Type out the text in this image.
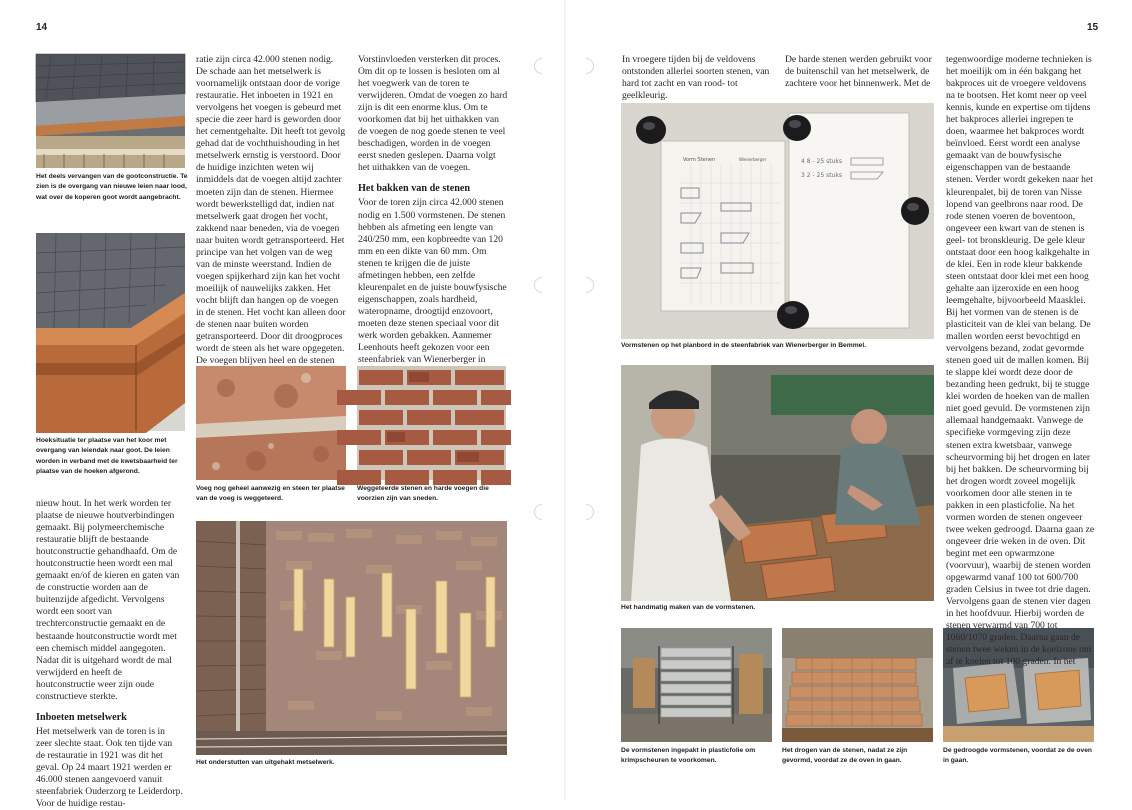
14	15
Het deels vervangen van de gootconstructie. Te zien is de overgang van nieuwe leien naar lood, wat over de koperen goot wordt aangebracht.
Hoeksituatie ter plaatse van het koor met overgang van leiendak naar goot. De leien worden in verband met de kwetsbaarheid ter plaatse van de hoeken afgerond.

nieuw hout. In het werk worden ter plaatse de nieuwe houtverbindingen gemaakt. Bij polymeerchemische restauratie blijft de bestaande houtconstructie gehandhaafd. Om de houtconstructie heen wordt een mal gemaakt en/of de kieren en gaten van de constructie worden aan de buitenzijde afgedicht. Vervolgens wordt een soort van trechterconstructie gemaakt en de bestaande houtconstructie wordt met een chemisch middel aangegoten. Nadat dit is uitgehard wordt de mal verwijderd en heeft de houtconstructie weer zijn oude constructieve sterkte.

Inboeten metselwerk

Het metselwerk van de toren is in zeer slechte staat. Ook ten tijde van de restauratie in 1921 was dit het geval. Op 24 maart 1921 werden er 46.000 stenen aangevoerd vanuit steenfabriek Ouderzorg te Leiderdorp. Voor de huidige restau-

ratie zijn circa 42.000 stenen nodig. De schade aan het metselwerk is voornamelijk ontstaan door de vorige restauratie. Het inboeten in 1921 en vervolgens het voegen is gebeurd met specie die zeer hard is geworden door het cementgehalte. Dit heeft tot gevolg gehad dat de vochthuishouding in het metselwerk ernstig is verstoord. Door de huidige inzichten weten wij inmiddels dat de voegen altijd zachter moeten zijn dan de stenen. Hiermee wordt bewerkstelligd dat, indien nat metselwerk gaat drogen het vocht, zakkend naar beneden, via de voegen naar buiten wordt getransporteerd. Het principe van het volgen van de weg van de minste weerstand. Indien de voegen spijkerhard zijn kan het vocht moeilijk of nauwelijks zakken. Het vocht blijft dan hangen op de voegen in de stenen. Het vocht kan alleen door de stenen naar buiten worden getransporteerd. Door dit droogproces wordt de steen als het ware opgegeten. De voegen blijven heel en de stenen

Vorstinvloeden versterken dit proces. Om dit op te lossen is besloten om al het voegwerk van de toren te verwijderen. Omdat de voegen zo hard zijn is dit een enorme klus. Om te voorkomen dat bij het uithakken van de voegen de nog goede stenen te veel beschadigen, worden in de voegen eerst sneden geslepen. Daarna volgt het uithakken van de voegen.

Het bakken van de stenen

Voor de toren zijn circa 42.000 stenen nodig en 1.500 vormstenen. De stenen hebben als afmeting een lengte van 240/250 mm, een kopbreedte van 120 mm en een dikte van 60 mm. Om stenen te krijgen die de juiste afmetingen hebben, een zelfde kleurenpalet en de juiste bouwfysische eigenschappen, zoals hardheid, wateropname, droogtijd enzovoort, moeten deze stenen speciaal voor dit werk worden gebakken. Aannemer Leenhouts heeft gekozen voor een steenfabriek van Wienerberger in

Voeg nog geheel aanwezig en steen ter plaatse van de voeg is weggeteerd.
Weggeteerde stenen en harde voegen die voorzien zijn van sneden.
Het onderstutten van uitgehakt metselwerk.

In vroegere tijden bij de veldovens ontstonden allerlei soorten stenen, van hard tot zacht en van rood- tot geelkleurig.

De harde stenen werden gebruikt voor de buitenschil van het metselwerk, de zachtere voor het binnenwerk. Met de

Vorm Stenen	Wienerberger	4 8 - 25 stuks
3 2 - 25 stuks
Vormstenen op het planbord in de steenfabriek van Wienerberger in Bemmel.
Het handmatig maken van de vormstenen.
De vormstenen ingepakt in plasticfolie om krimpscheuren te voorkomen.
Het drogen van de stenen, nadat ze zijn gevormd, voordat ze de oven in gaan.
De gedroogde vormstenen, voordat ze de oven in gaan.

tegenwoordige moderne technieken is het moeilijk om in één bakgang het bakproces uit de vroegere veldovens na te bootsen. Het komt neer op veel kennis, kunde en expertise om tijdens het bakproces allerlei ingrepen te doen, waarmee het bakproces wordt beïnvloed. Eerst wordt een analyse gemaakt van de bouwfysische eigenschappen van de bestaande stenen. Verder wordt gekeken naar het kleurenpalet, bij de toren van Nisse lopend van geelbrons naar rood. De rode stenen voeren de boventoon, ongeveer een kwart van de stenen is geel- tot bronskleurig. De gele kleur ontstaat door een hoog kalkgehalte in de klei. Een in rode kleur bakkende steen ontstaat door klei met een hoog gehalte aan ijzeroxide en een hoog leemgehalte, bijvoorbeeld Maasklei. Bij het vormen van de stenen is de plasticiteit van de klei van belang. De mallen worden eerst bevochtigd en vervolgens bezand, zodat gevormde stenen goed uit de mallen komen. Bij te slappe klei wordt deze door de bezanding heen gedrukt, bij te stugge klei worden de hoeken van de mallen niet goed gevuld. De vormstenen zijn allemaal handgemaakt. Vanwege de specifieke vormgeving zijn deze stenen extra kwetsbaar, vanwege scheurvorming bij het drogen en later bij het bakken. De scheurvorming bij het drogen wordt zoveel mogelijk voorkomen door alle stenen in te pakken in een plasticfolie. Na het vormen worden de stenen ongeveer twee weken gedroogd. Daarna gaan ze ongeveer drie weken in de oven. Dit begint met een opwarmzone (voorvuur), waarbij de stenen worden opgewarmd vanaf 100 tot 600/700 graden Celsius in twee tot drie dagen. Vervolgens gaan de stenen vier dagen in het hoofdvuur. Hierbij worden de stenen verwarmd van 700 tot 1060/1070 graden. Daarna gaan de stenen twee weken in de koelzone om af te koelen tot 100 graden. In het
